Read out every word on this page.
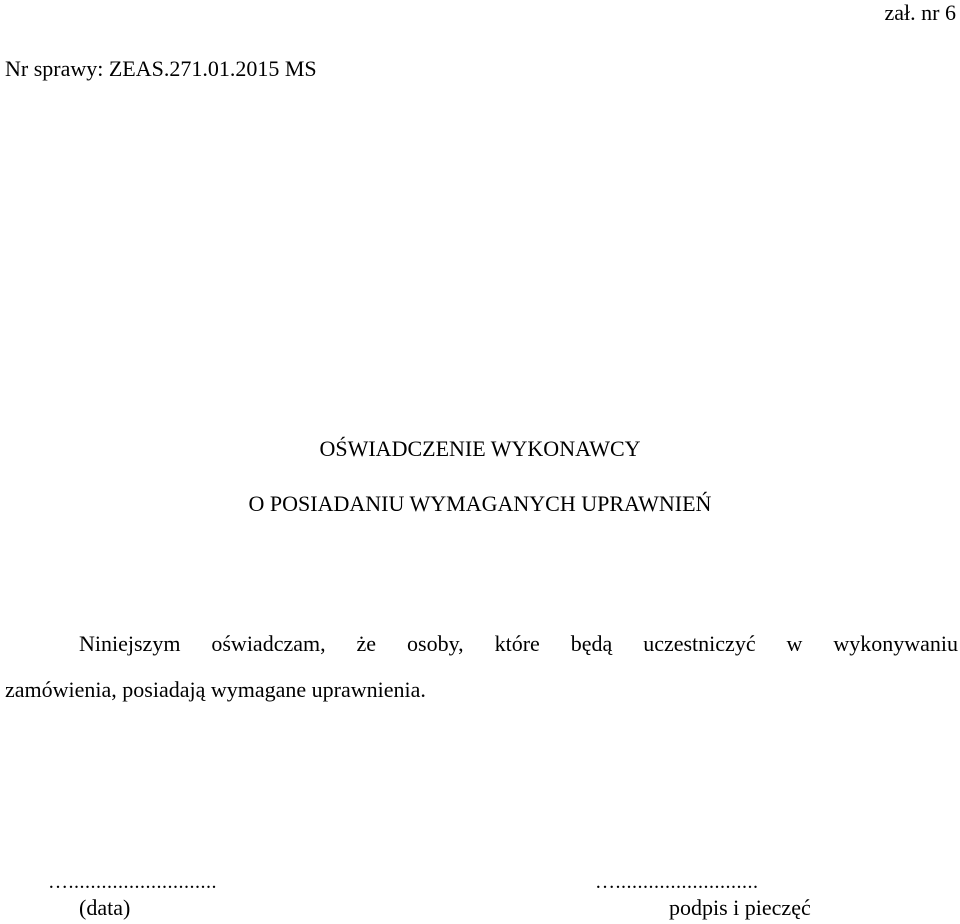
zał. nr 6
Nr sprawy: ZEAS.271.01.2015 MS
OŚWIADCZENIE WYKONAWCY
O POSIADANIU WYMAGANYCH UPRAWNIEŃ
Niniejszym oświadczam, że osoby, które będą uczestniczyć w wykonywaniu
zamówienia, posiadają wymagane uprawnienia.
…...........................
(data)
…..........................
podpis i pieczęć
